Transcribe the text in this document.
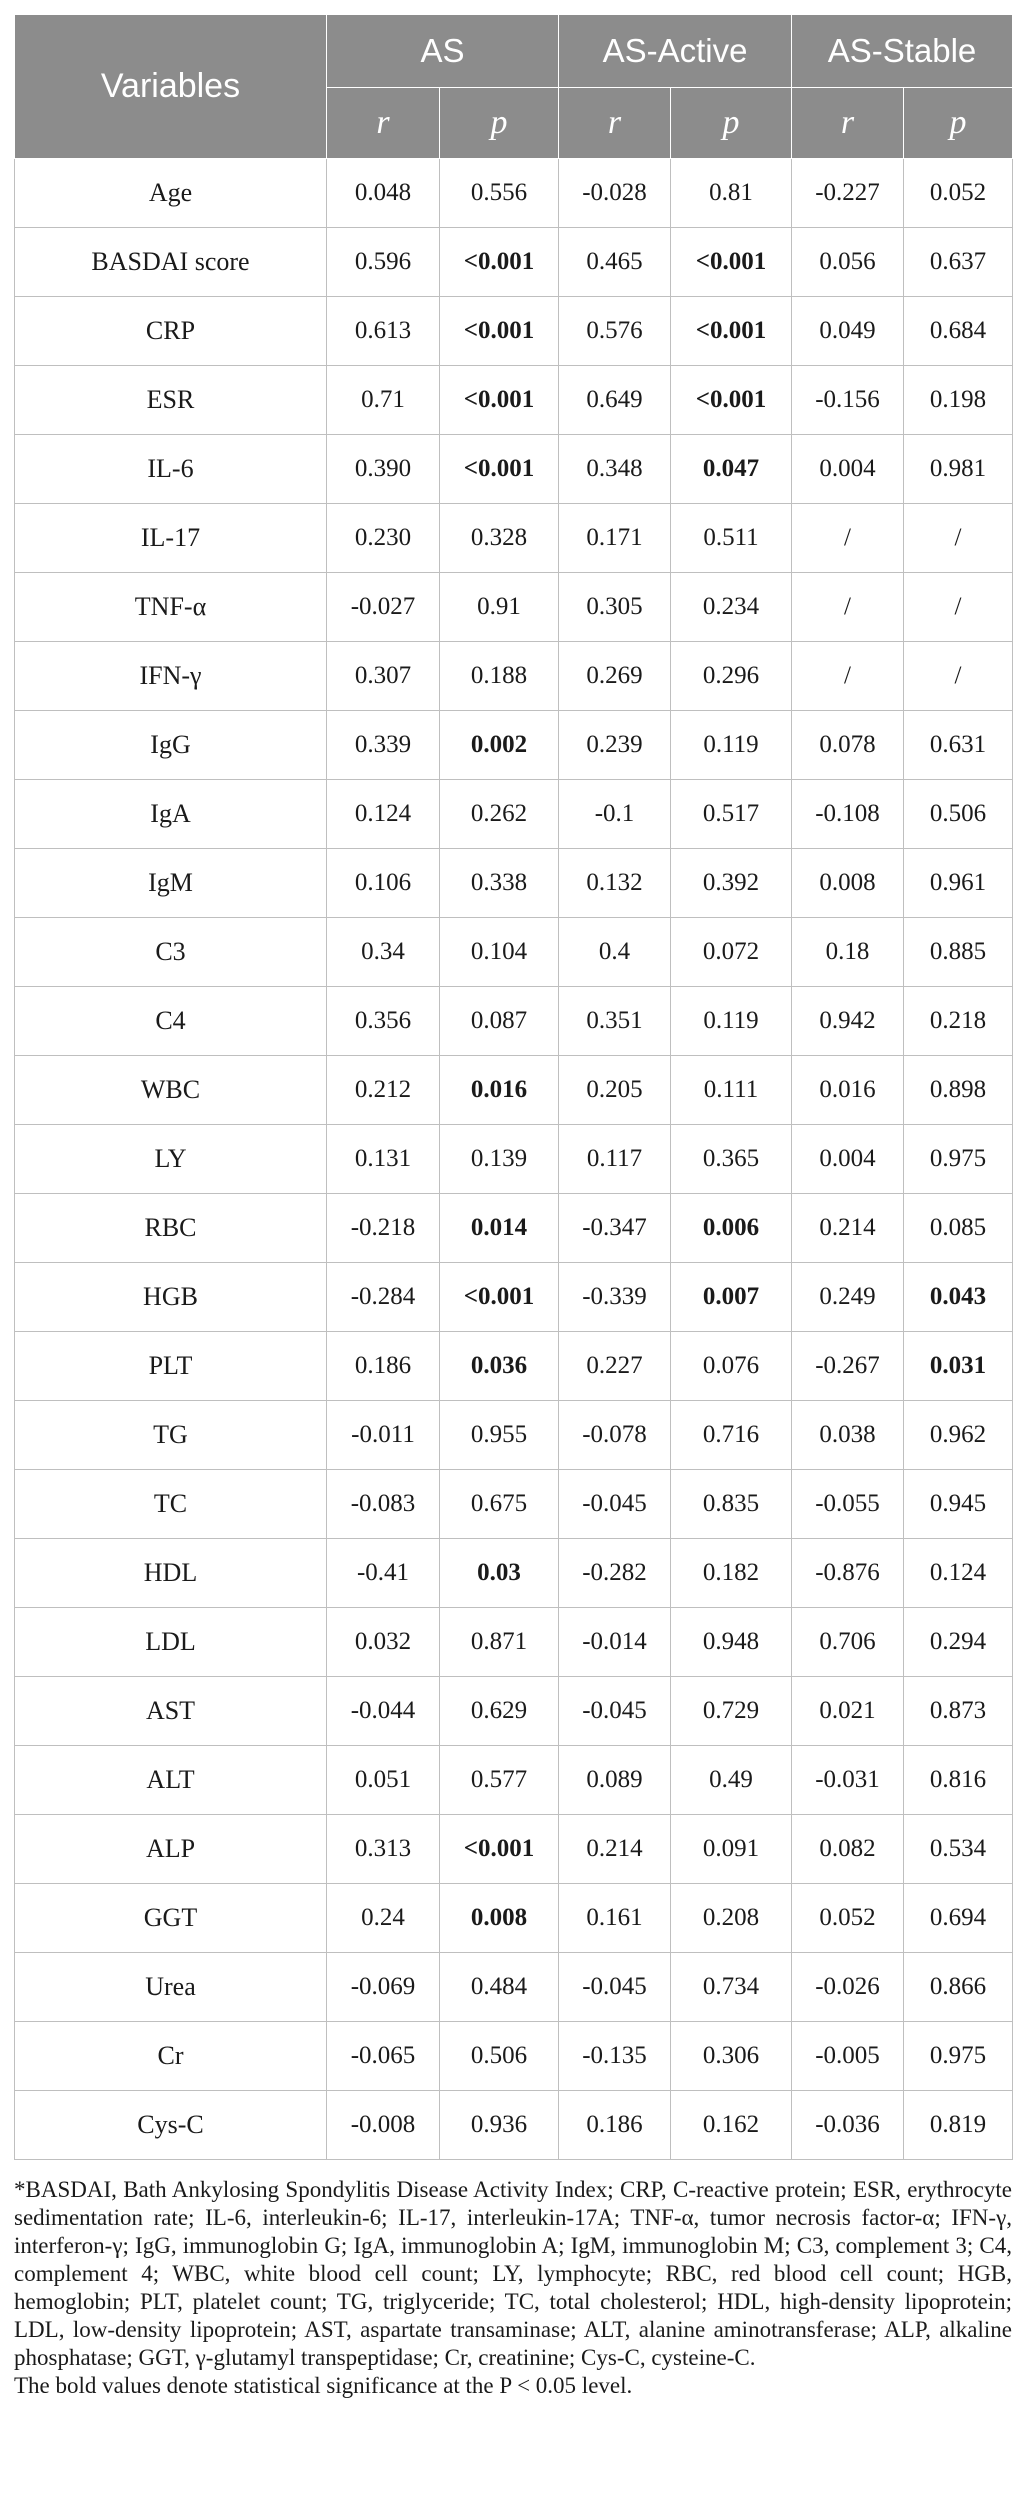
Variables	AS		AS-Active		AS-Stable	
	r	p	r	p	r	p
Age	0.048	0.556	-0.028	0.81	-0.227	0.052
BASDAI score	0.596	<0.001	0.465	<0.001	0.056	0.637
CRP	0.613	<0.001	0.576	<0.001	0.049	0.684
ESR	0.71	<0.001	0.649	<0.001	-0.156	0.198
IL-6	0.390	<0.001	0.348	0.047	0.004	0.981
IL-17	0.230	0.328	0.171	0.511	/	/
TNF-α	-0.027	0.91	0.305	0.234	/	/
IFN-γ	0.307	0.188	0.269	0.296	/	/
IgG	0.339	0.002	0.239	0.119	0.078	0.631
IgA	0.124	0.262	-0.1	0.517	-0.108	0.506
IgM	0.106	0.338	0.132	0.392	0.008	0.961
C3	0.34	0.104	0.4	0.072	0.18	0.885
C4	0.356	0.087	0.351	0.119	0.942	0.218
WBC	0.212	0.016	0.205	0.111	0.016	0.898
LY	0.131	0.139	0.117	0.365	0.004	0.975
RBC	-0.218	0.014	-0.347	0.006	0.214	0.085
HGB	-0.284	<0.001	-0.339	0.007	0.249	0.043
PLT	0.186	0.036	0.227	0.076	-0.267	0.031
TG	-0.011	0.955	-0.078	0.716	0.038	0.962
TC	-0.083	0.675	-0.045	0.835	-0.055	0.945
HDL	-0.41	0.03	-0.282	0.182	-0.876	0.124
LDL	0.032	0.871	-0.014	0.948	0.706	0.294
AST	-0.044	0.629	-0.045	0.729	0.021	0.873
ALT	0.051	0.577	0.089	0.49	-0.031	0.816
ALP	0.313	<0.001	0.214	0.091	0.082	0.534
GGT	0.24	0.008	0.161	0.208	0.052	0.694
Urea	-0.069	0.484	-0.045	0.734	-0.026	0.866
Cr	-0.065	0.506	-0.135	0.306	-0.005	0.975
Cys-C	-0.008	0.936	0.186	0.162	-0.036	0.819

*BASDAI, Bath Ankylosing Spondylitis Disease Activity Index; CRP, C-reactive protein; ESR, erythrocyte sedimentation rate; IL-6, interleukin-6; IL-17, interleukin-17A; TNF-α, tumor necrosis factor-α; IFN-γ, interferon-γ; IgG, immunoglobin G; IgA, immunoglobin A; IgM, immunoglobin M; C3, complement 3; C4, complement 4; WBC, white blood cell count; LY, lymphocyte; RBC, red blood cell count; HGB, hemoglobin; PLT, platelet count; TG, triglyceride; TC, total cholesterol; HDL, high-density lipoprotein; LDL, low-density lipoprotein; AST, aspartate transaminase; ALT, alanine aminotransferase; ALP, alkaline phosphatase; GGT, γ-glutamyl transpeptidase; Cr, creatinine; Cys-C, cysteine-C.

The bold values denote statistical significance at the P < 0.05 level.
